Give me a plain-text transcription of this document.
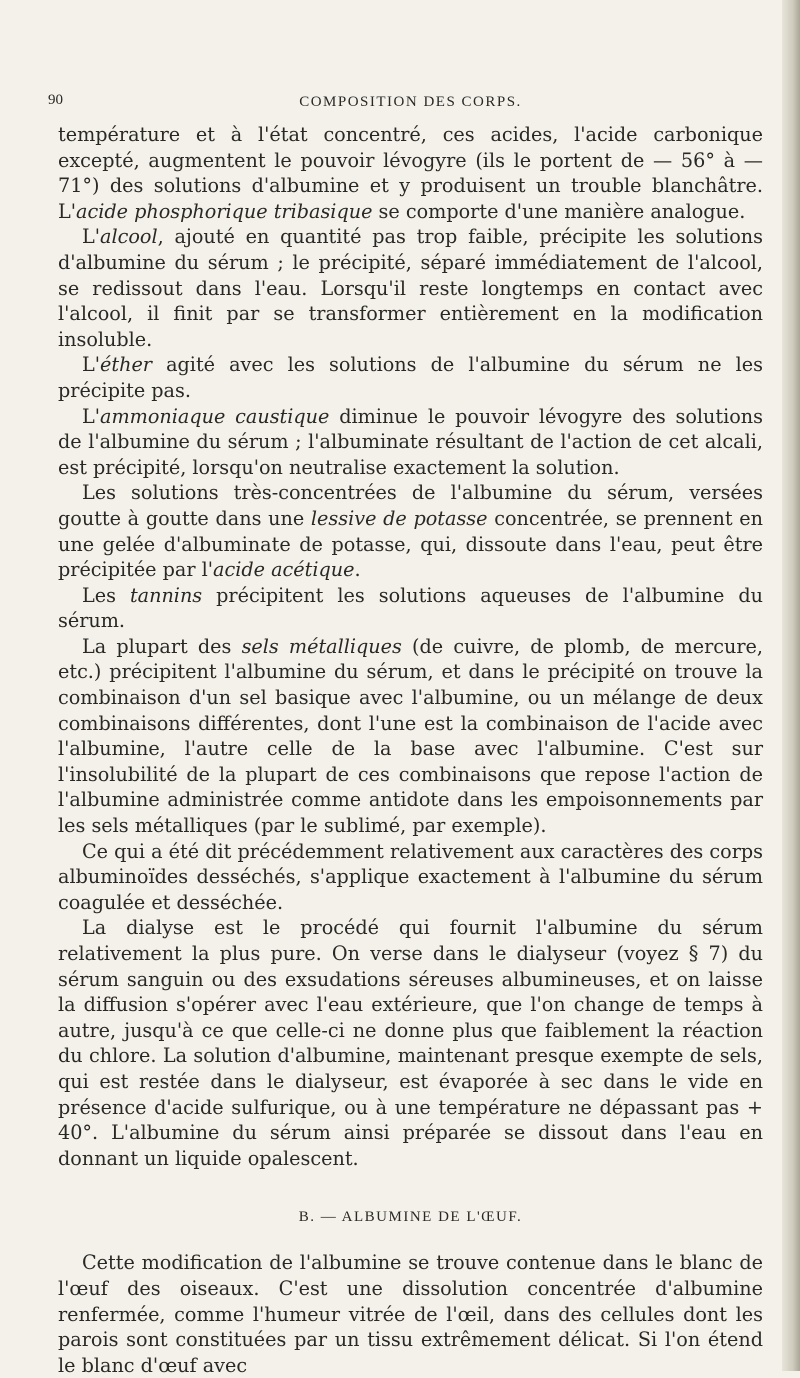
90	COMPOSITION DES CORPS.

température et à l'état concentré, ces acides, l'acide carbonique excepté, augmentent le pouvoir lévogyre (ils le portent de — 56° à — 71°) des solutions d'albumine et y produisent un trouble blanchâtre. L'acide phosphorique tribasique se comporte d'une manière analogue.

L'alcool, ajouté en quantité pas trop faible, précipite les solutions d'albumine du sérum ; le précipité, séparé immédiatement de l'alcool, se redissout dans l'eau. Lorsqu'il reste longtemps en contact avec l'alcool, il finit par se transformer entièrement en la modification insoluble.

L'éther agité avec les solutions de l'albumine du sérum ne les précipite pas.

L'ammoniaque caustique diminue le pouvoir lévogyre des solutions de l'albumine du sérum ; l'albuminate résultant de l'action de cet alcali, est précipité, lorsqu'on neutralise exactement la solution.

Les solutions très-concentrées de l'albumine du sérum, versées goutte à goutte dans une lessive de potasse concentrée, se prennent en une gelée d'albuminate de potasse, qui, dissoute dans l'eau, peut être précipitée par l'acide acétique.

Les tannins précipitent les solutions aqueuses de l'albumine du sérum.

La plupart des sels métalliques (de cuivre, de plomb, de mercure, etc.) précipitent l'albumine du sérum, et dans le précipité on trouve la combinaison d'un sel basique avec l'albumine, ou un mélange de deux combinaisons différentes, dont l'une est la combinaison de l'acide avec l'albumine, l'autre celle de la base avec l'albumine. C'est sur l'insolubilité de la plupart de ces combinaisons que repose l'action de l'albumine administrée comme antidote dans les empoisonnements par les sels métalliques (par le sublimé, par exemple).

Ce qui a été dit précédemment relativement aux caractères des corps albuminoïdes desséchés, s'applique exactement à l'albumine du sérum coagulée et desséchée.

La dialyse est le procédé qui fournit l'albumine du sérum relativement la plus pure. On verse dans le dialyseur (voyez § 7) du sérum sanguin ou des exsudations séreuses albumineuses, et on laisse la diffusion s'opérer avec l'eau extérieure, que l'on change de temps à autre, jusqu'à ce que celle-ci ne donne plus que faiblement la réaction du chlore. La solution d'albumine, maintenant presque exempte de sels, qui est restée dans le dialyseur, est évaporée à sec dans le vide en présence d'acide sulfurique, ou à une température ne dépassant pas + 40°. L'albumine du sérum ainsi préparée se dissout dans l'eau en donnant un liquide opalescent.

B. — ALBUMINE DE L'ŒUF.

Cette modification de l'albumine se trouve contenue dans le blanc de l'œuf des oiseaux. C'est une dissolution concentrée d'albumine renfermée, comme l'humeur vitrée de l'œil, dans des cellules dont les parois sont constituées par un tissu extrêmement délicat. Si l'on étend le blanc d'œuf avec
